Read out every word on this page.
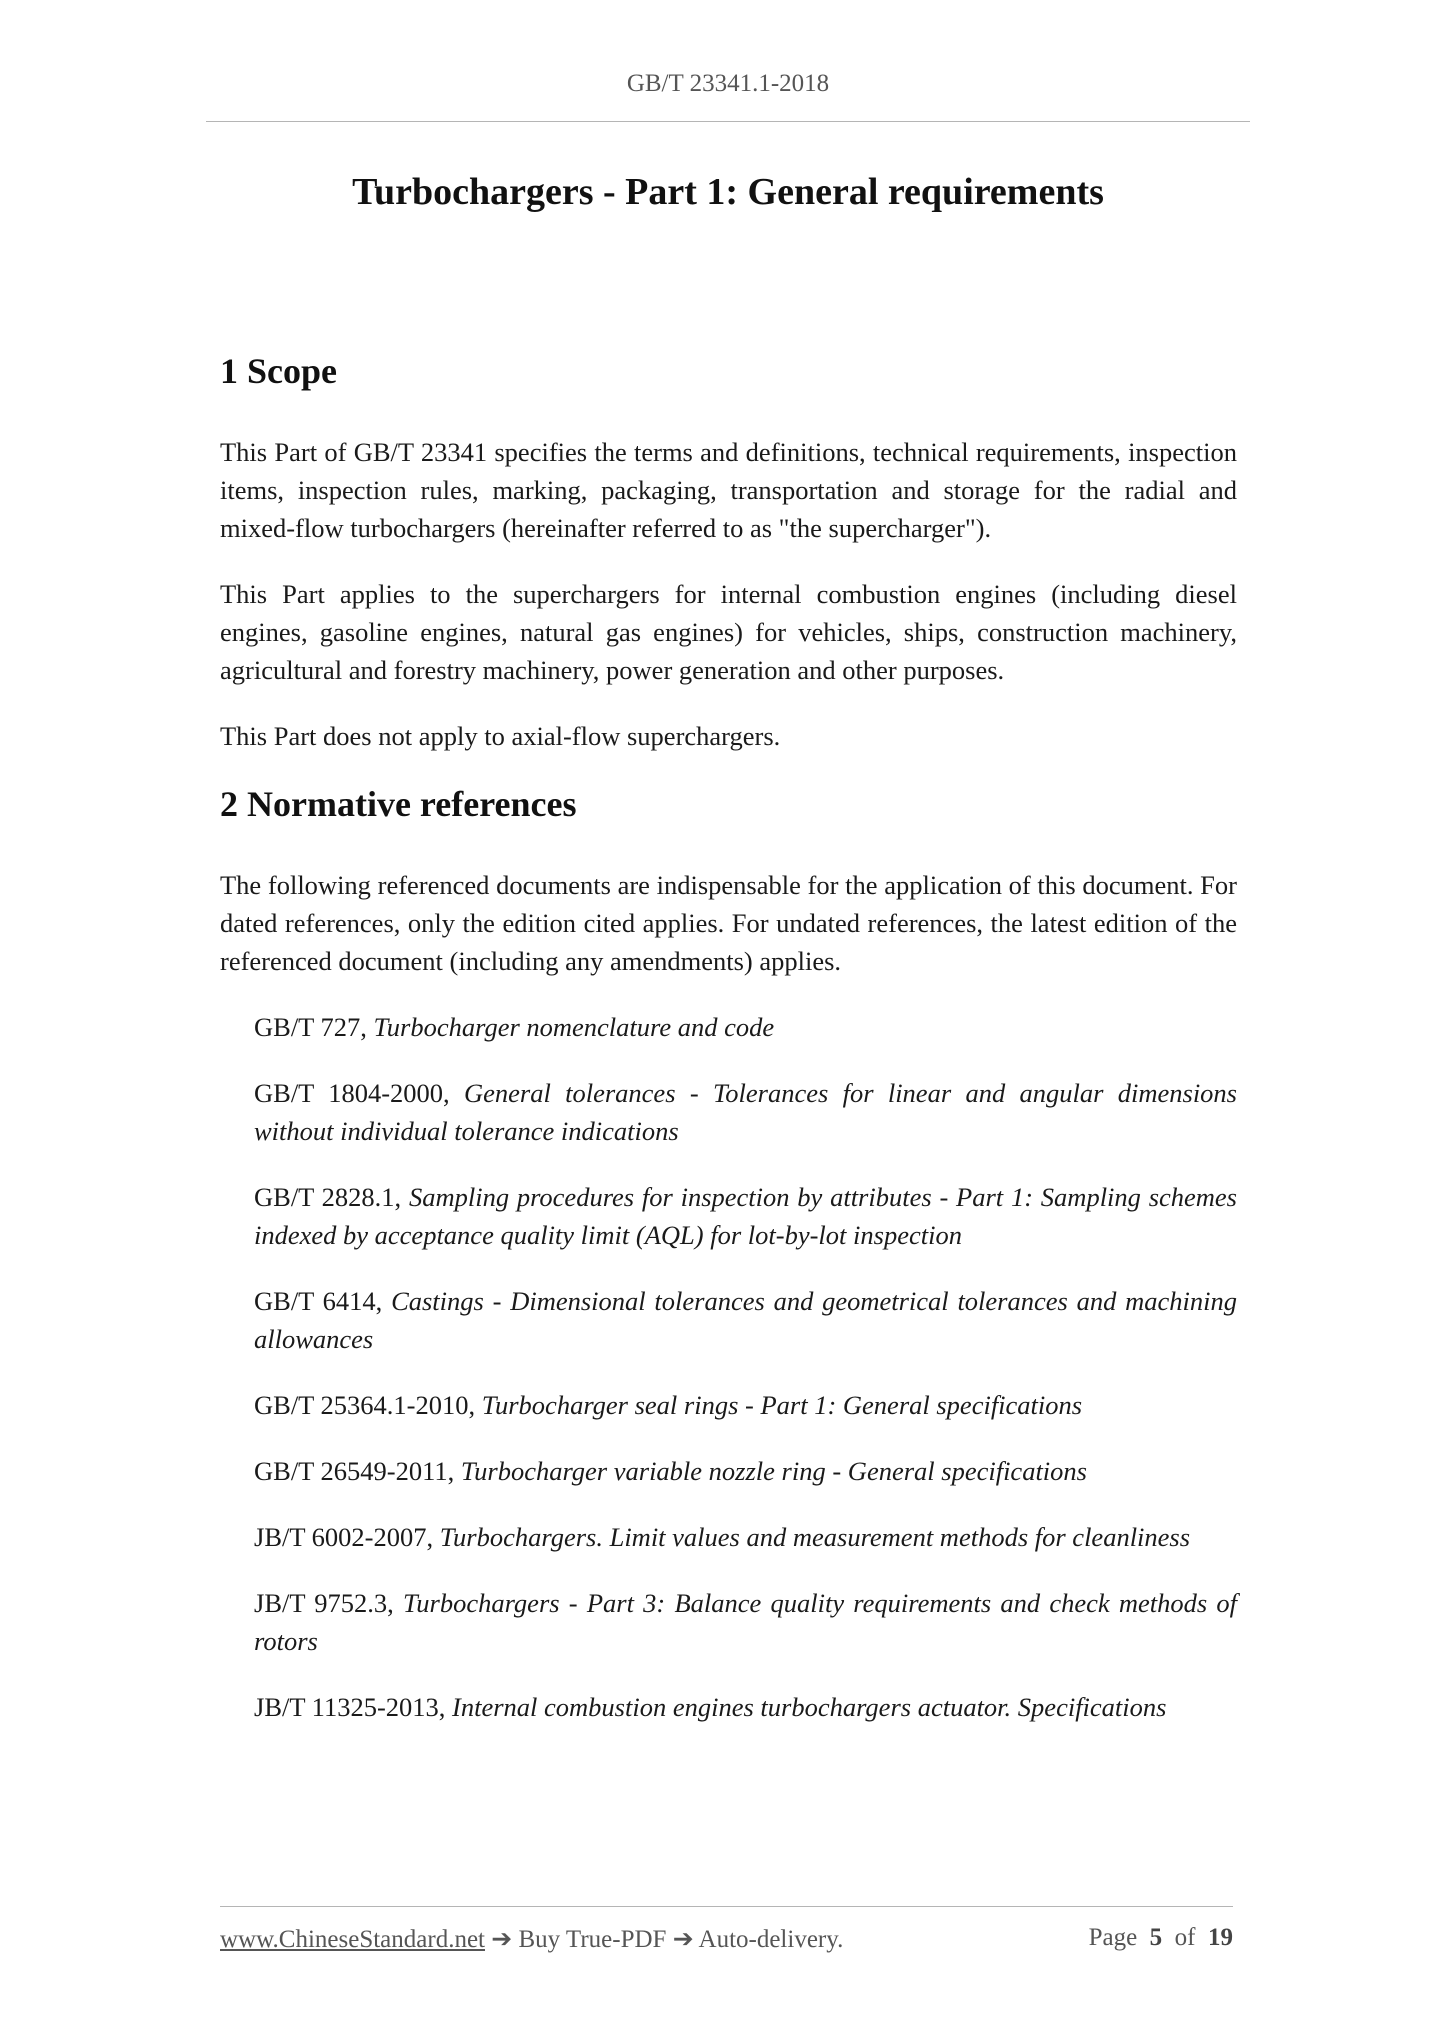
GB/T 23341.1-2018
Turbochargers - Part 1: General requirements
1 Scope

This Part of GB/T 23341 specifies the terms and definitions, technical requirements, inspection items, inspection rules, marking, packaging, transportation and storage for the radial and mixed-flow turbochargers (hereinafter referred to as "the supercharger").

This Part applies to the superchargers for internal combustion engines (including diesel engines, gasoline engines, natural gas engines) for vehicles, ships, construction machinery, agricultural and forestry machinery, power generation and other purposes.

This Part does not apply to axial-flow superchargers.

2 Normative references

The following referenced documents are indispensable for the application of this document. For dated references, only the edition cited applies. For undated references, the latest edition of the referenced document (including any amendments) applies.

GB/T 727, Turbocharger nomenclature and code
GB/T 1804-2000, General tolerances - Tolerances for linear and angular dimensions without individual tolerance indications
GB/T 2828.1, Sampling procedures for inspection by attributes - Part 1: Sampling schemes indexed by acceptance quality limit (AQL) for lot-by-lot inspection
GB/T 6414, Castings - Dimensional tolerances and geometrical tolerances and machining allowances
GB/T 25364.1-2010, Turbocharger seal rings - Part 1: General specifications
GB/T 26549-2011, Turbocharger variable nozzle ring - General specifications
JB/T 6002-2007, Turbochargers. Limit values and measurement methods for cleanliness
JB/T 9752.3, Turbochargers - Part 3: Balance quality requirements and check methods of rotors
JB/T 11325-2013, Internal combustion engines turbochargers actuator. Specifications
www.ChineseStandard.net ➔ Buy True-PDF ➔ Auto-delivery.	Page 5 of 19
